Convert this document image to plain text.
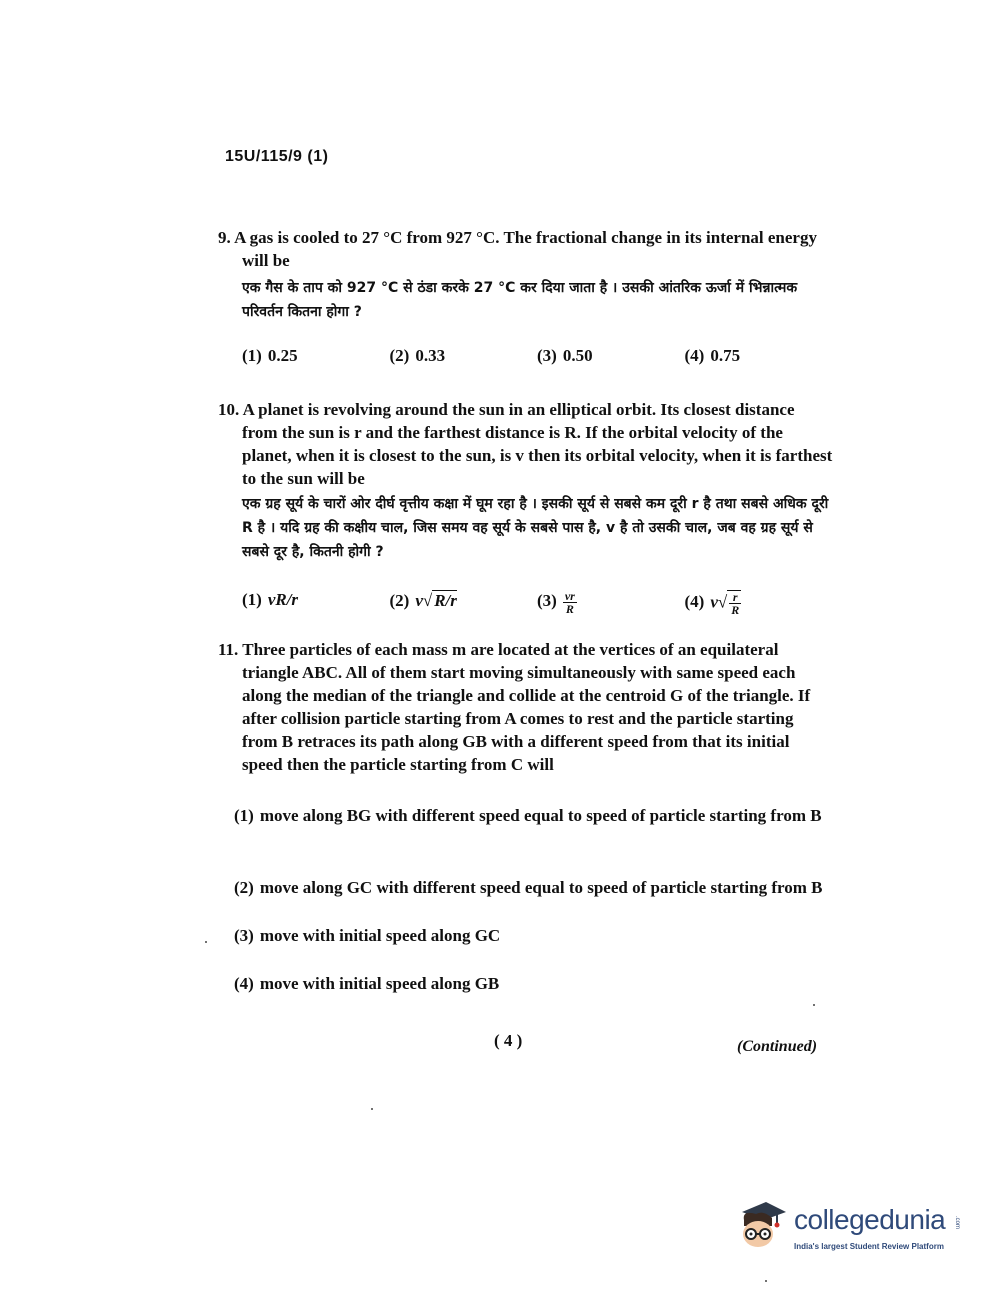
15U/115/9 (1)
9. A gas is cooled to 27 °C from 927 °C. The fractional change in its internal energy will be
एक गैस के ताप को 927 °C से ठंडा करके 27 °C कर दिया जाता है । उसकी आंतरिक ऊर्जा में भिन्नात्मक परिवर्तन कितना होगा ?
(1) 0.25	(2) 0.33	(3) 0.50	(4) 0.75
10. A planet is revolving around the sun in an elliptical orbit. Its closest distance from the sun is r and the farthest distance is R. If the orbital velocity of the planet, when it is closest to the sun, is v then its orbital velocity, when it is farthest to the sun will be
एक ग्रह सूर्य के चारों ओर दीर्घ वृत्तीय कक्षा में घूम रहा है । इसकी सूर्य से सबसे कम दूरी r है तथा सबसे अधिक दूरी R है । यदि ग्रह की कक्षीय चाल, जिस समय वह सूर्य के सबसे पास है, v है तो उसकी चाल, जब वह ग्रह सूर्य से सबसे दूर है, कितनी होगी ?
(1) vR/r	(2) v√ R/r	$(3) \frac{vr}{R}$	(4) $v√ \frac{r}{R}$
11. Three particles of each mass m are located at the vertices of an equilateral triangle ABC. All of them start moving simultaneously with same speed each along the median of the triangle and collide at the centroid G of the triangle. If after collision particle starting from A comes to rest and the particle starting from B retraces its path along GB with a different speed from that its initial speed then the particle starting from C will
(1) move along BG with different speed equal to speed of particle starting from B
(2) move along GC with different speed equal to speed of particle starting from B
(3) move with initial speed along GC
(4) move with initial speed along GB
( 4 )	(Continued)
collegedunia .com
India's largest Student Review Platform
